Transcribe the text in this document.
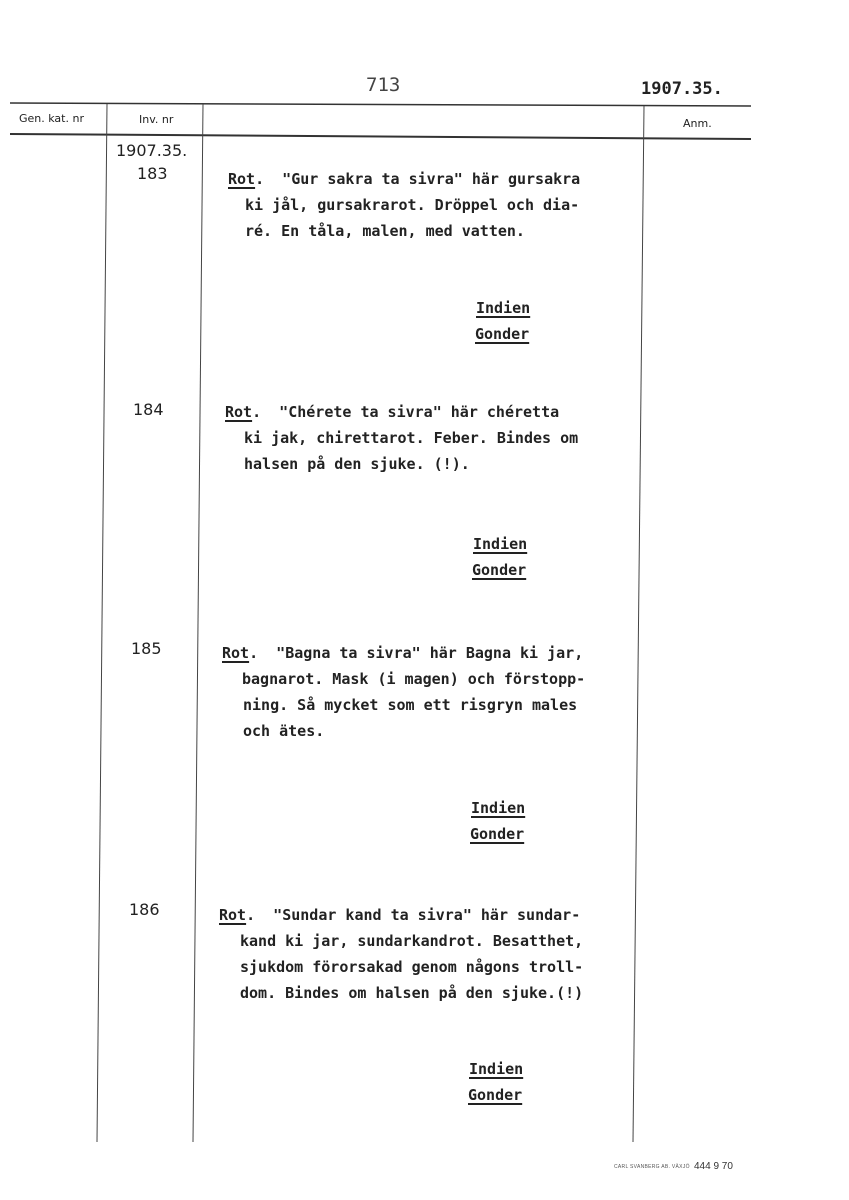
713	1907.35.
Gen. kat. nr	Inv. nr	Anm.
1907.35.
183	Rot.  "Gur sakra ta sivra" här gursakra
ki jål, gursakrarot. Dröppel och dia-
ré. En tåla, malen, med vatten.
Indien
Gonder
184	Rot.  "Chérete ta sivra" här chéretta
ki jak, chirettarot. Feber. Bindes om
halsen på den sjuke. (!).
Indien
Gonder
185	Rot.  "Bagna ta sivra" här Bagna ki jar,
bagnarot. Mask (i magen) och förstopp-
ning. Så mycket som ett risgryn males
och ätes.
Indien
Gonder
186	Rot.  "Sundar kand ta sivra" här sundar-
kand ki jar, sundarkandrot. Besatthet,
sjukdom förorsakad genom någons troll-
dom. Bindes om halsen på den sjuke.(!)
Indien
Gonder
CARL SVANBERG AB. VÄXJÖ 444 9 70
